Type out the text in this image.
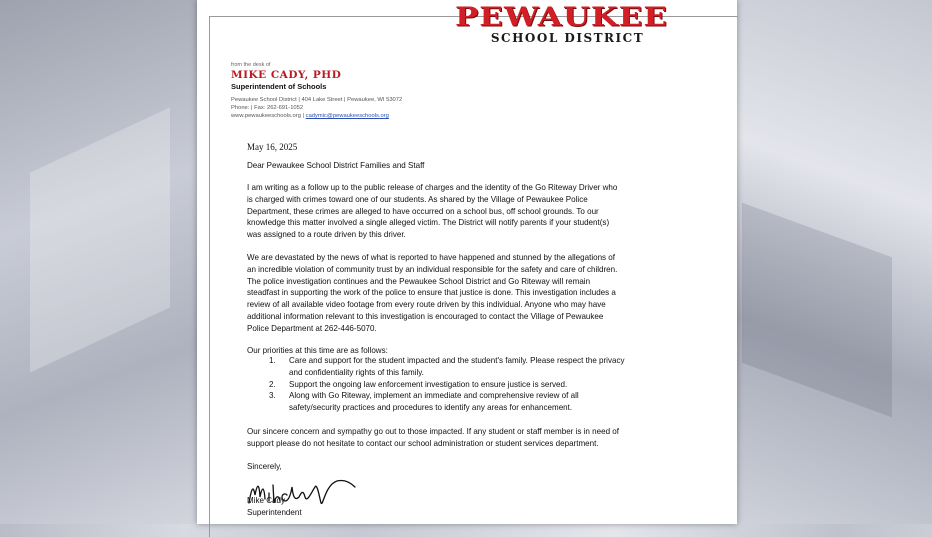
PEWAUKEE
SCHOOL DISTRICT
from the desk of
MIKE CADY, PHD
Superintendent of Schools
Pewaukee School District | 404 Lake Street | Pewaukee, WI 53072
Phone: | Fax: 262-691-1052
www.pewaukeeschools.org | cadymic@pewaukeeschools.org
May 16, 2025
Dear Pewaukee School District Families and Staff
I am writing as a follow up to the public release of charges and the identity of the Go Riteway Driver who
is charged with crimes toward one of our students. As shared by the Village of Pewaukee Police
Department, these crimes are alleged to have occurred on a school bus, off school grounds. To our
knowledge this matter involved a single alleged victim. The District will notify parents if your student(s)
was assigned to a route driven by this driver.
We are devastated by the news of what is reported to have happened and stunned by the allegations of
an incredible violation of community trust by an individual responsible for the safety and care of children.
The police investigation continues and the Pewaukee School District and Go Riteway will remain
steadfast in supporting the work of the police to ensure that justice is done. This investigation includes a
review of all available video footage from every route driven by this individual. Anyone who may have
additional information relevant to this investigation is encouraged to contact the Village of Pewaukee
Police Department at 262-446-5070.
Our priorities at this time are as follows:
1. Care and support for the student impacted and the student's family. Please respect the privacy
and confidentiality rights of this family.
2. Support the ongoing law enforcement investigation to ensure justice is served.
3. Along with Go Riteway, implement an immediate and comprehensive review of all
safety/security practices and procedures to identify any areas for enhancement.
Our sincere concern and sympathy go out to those impacted. If any student or staff member is in need of
support please do not hesitate to contact our school administration or student services department.
Sincerely,
Mike Cady
Superintendent
